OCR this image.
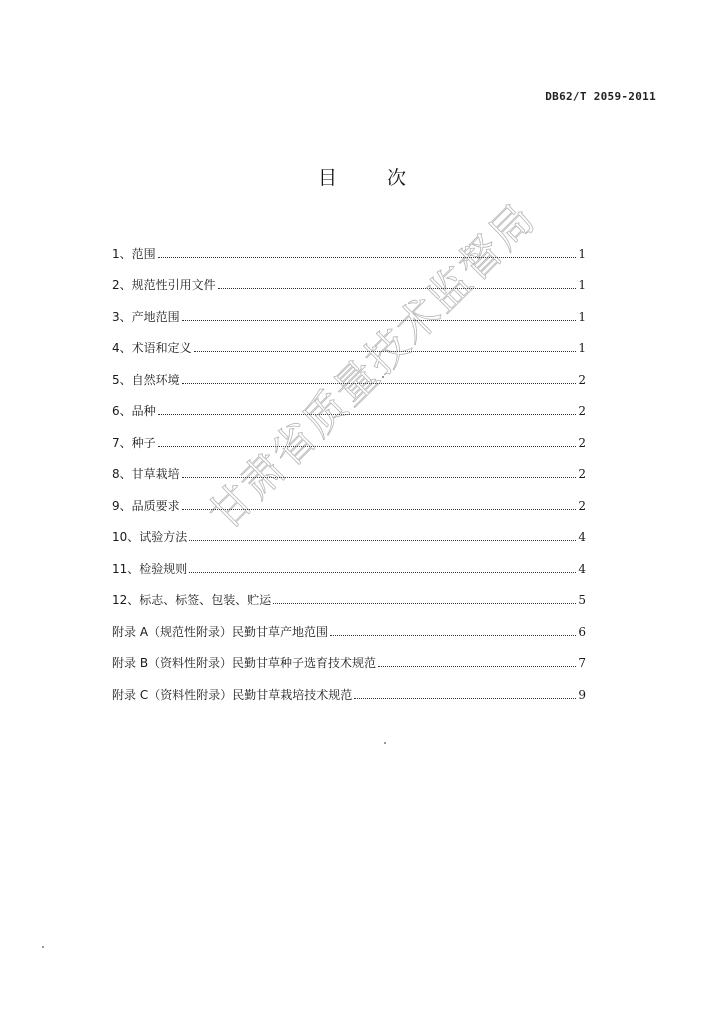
DB62/T 2059-2011
目 次
1、范围	1
2、规范性引用文件	1
3、产地范围	1
4、术语和定义	1
5、自然环境	2
6、品种	2
7、种子	2
8、甘草栽培	2
9、品质要求	2
10、试验方法	4
11、检验规则	4
12、标志、标签、包装、贮运	5
附录 A（规范性附录）民勤甘草产地范围	6
附录 B（资料性附录）民勤甘草种子选育技术规范	7
附录 C（资料性附录）民勤甘草栽培技术规范	9
甘肃省质量技术监督局
